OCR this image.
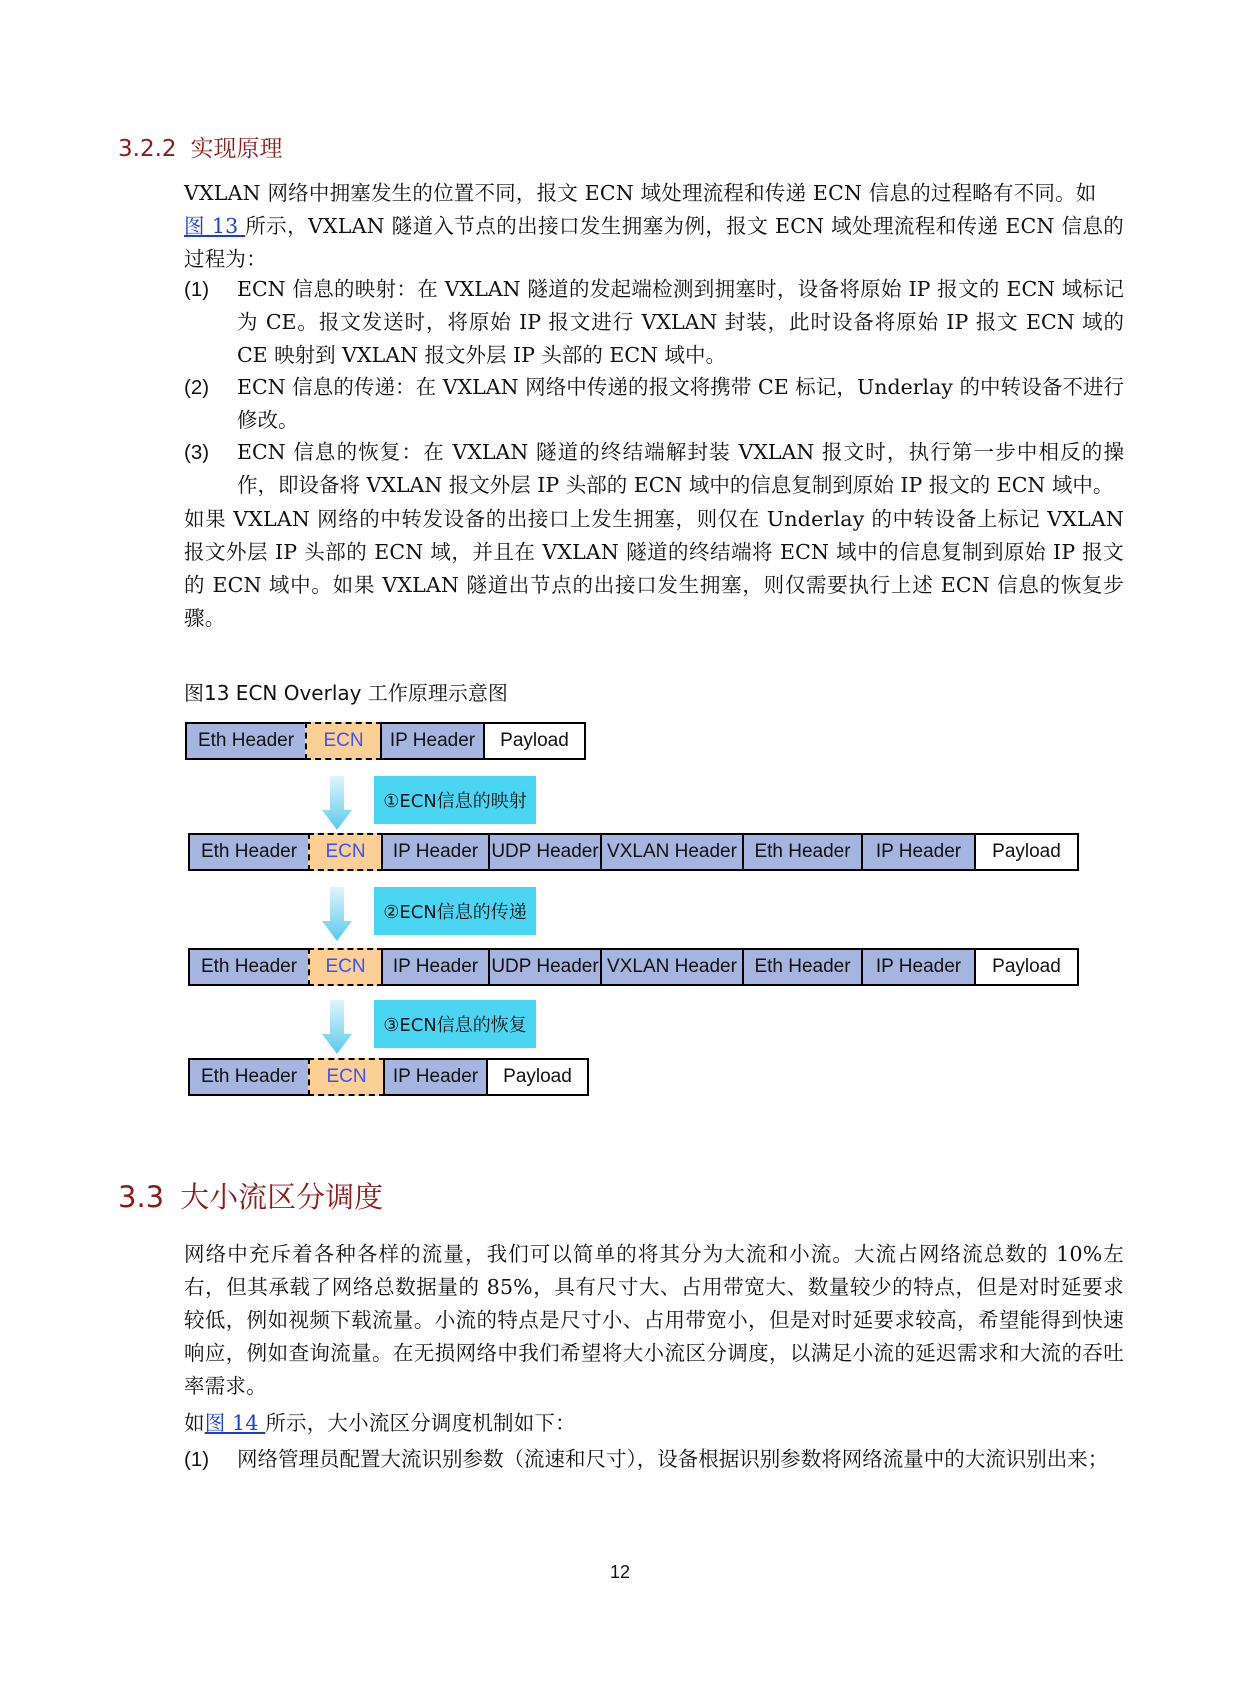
3.2.2 实现原理

VXLAN 网络中拥塞发生的位置不同，报文 ECN 域处理流程和传递 ECN 信息的过程略有不同。如
图 13 所示，VXLAN 隧道入节点的出接口发生拥塞为例，报文 ECN 域处理流程和传递 ECN 信息的过程为：

(1) ECN 信息的映射：在 VXLAN 隧道的发起端检测到拥塞时，设备将原始 IP 报文的 ECN 域标记为 CE。报文发送时，将原始 IP 报文进行 VXLAN 封装，此时设备将原始 IP 报文 ECN 域的 CE 映射到 VXLAN 报文外层 IP 头部的 ECN 域中。
(2) ECN 信息的传递：在 VXLAN 网络中传递的报文将携带 CE 标记，Underlay 的中转设备不进行修改。
(3) ECN 信息的恢复：在 VXLAN 隧道的终结端解封装 VXLAN 报文时，执行第一步中相反的操作，即设备将 VXLAN 报文外层 IP 头部的 ECN 域中的信息复制到原始 IP 报文的 ECN 域中。

如果 VXLAN 网络的中转发设备的出接口上发生拥塞，则仅在 Underlay 的中转设备上标记 VXLAN 报文外层 IP 头部的 ECN 域，并且在 VXLAN 隧道的终结端将 ECN 域中的信息复制到原始 IP 报文的 ECN 域中。如果 VXLAN 隧道出节点的出接口发生拥塞，则仅需要执行上述 ECN 信息的恢复步骤。

图13 ECN Overlay 工作原理示意图

Eth Header	ECN	IP Header	Payload
①ECN信息的映射
Eth Header	ECN	IP Header UDP Header VXLAN Header Eth Header	IP Header	Payload
②ECN信息的传递
Eth Header	ECN	IP Header UDP Header VXLAN Header Eth Header	IP Header	Payload
③ECN信息的恢复
Eth Header	ECN	IP Header	Payload
3.3 大小流区分调度

网络中充斥着各种各样的流量，我们可以简单的将其分为大流和小流。大流占网络流总数的 10%左右，但其承载了网络总数据量的 85%，具有尺寸大、占用带宽大、数量较少的特点，但是对时延要求较低，例如视频下载流量。小流的特点是尺寸小、占用带宽小，但是对时延要求较高，希望能得到快速响应，例如查询流量。在无损网络中我们希望将大小流区分调度，以满足小流的延迟需求和大流的吞吐率需求。

如图 14 所示，大小流区分调度机制如下：

(1) 网络管理员配置大流识别参数（流速和尺寸），设备根据识别参数将网络流量中的大流识别出来；
12
